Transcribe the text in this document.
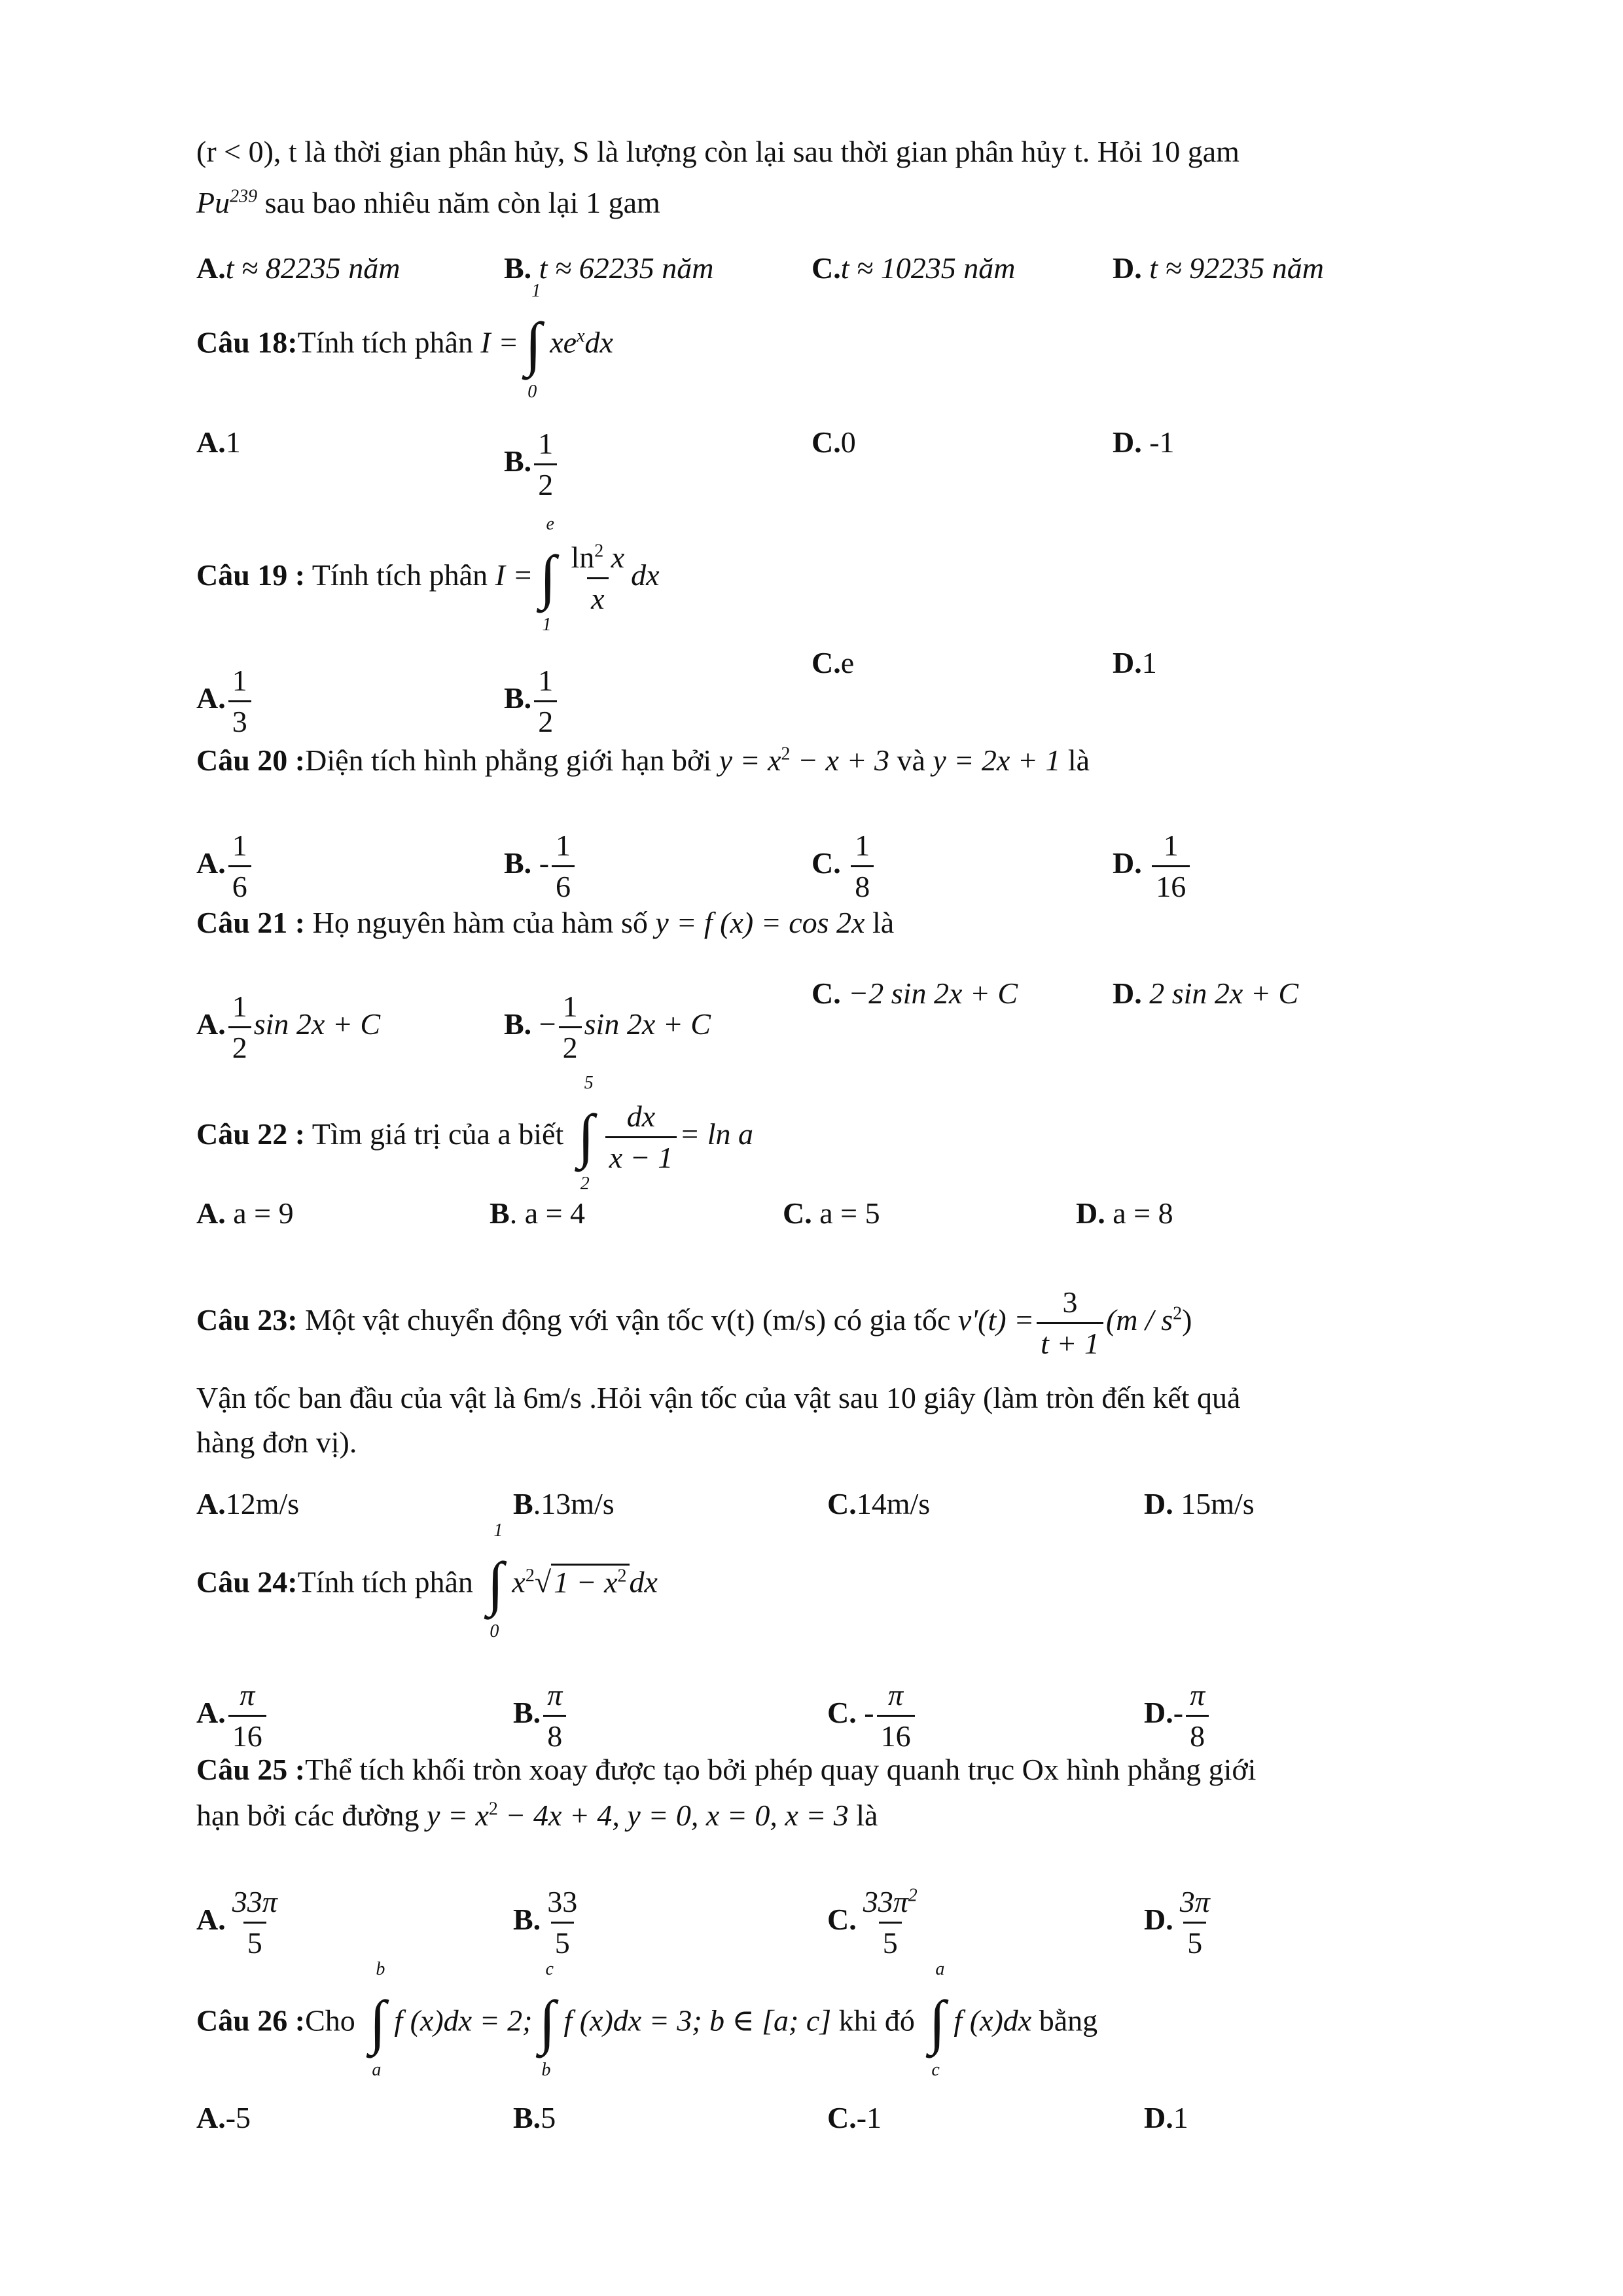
(r < 0), t là thời gian phân hủy, S là lượng còn lại sau thời gian phân hủy t. Hỏi 10 gam
Pu$^{239}$ sau bao nhiêu năm còn lại 1 gam
A.t ≈ 82235 năm	B. t ≈ 62235 năm	C.t ≈ 10235 năm	D. t ≈ 92235 năm
Câu 18:Tính tích phân I = ∫
1
0
$xe^xdx$
A.1
B. $\frac{1}{2}$	C.0	D. -1
Câu 19 : Tính tích phân I = ∫
e
1
$\frac{\ln^2 x}{x}$ dx
A. $\frac{1}{3}$	B. $\frac{1}{2}$	C.e	D.1
Câu 20 :Diện tích hình phẳng giới hạn bởi $y = x^2 - x + 3$ và y = 2x + 1 là
A. $\frac{1}{6}$	B. - $\frac{1}{6}$	C. $\frac{1}{8}$	D. $\frac{1}{16}$
Câu 21 : Họ nguyên hàm của hàm số y = f (x) = cos 2x là
A. $\frac{1}{2}$ sin 2x + C	B. − $\frac{1}{2}$ sin 2x + C
C. −2 sin 2x + C	D. 2 sin 2x + C
Câu 22 : Tìm giá trị của a biết ∫
5
2
$\frac{dx}{x - 1} = \ln a$
A. a = 9	B. a = 4	C. a = 5	D. a = 8
Câu 23: Một vật chuyển động với vận tốc v(t) (m/s) có gia tốc $v'(t) = \frac{3}{t + 1} (m / s^2)$
Vận tốc ban đầu của vật là 6m/s .Hỏi vận tốc của vật sau 10 giây (làm tròn đến kết quả
hàng đơn vị).
A.12m/s	B.13m/s	C.14m/s	D. 15m/s
Câu 24:Tính tích phân ∫
1
0
$x^2√1 - x^2dx$
A. $\frac{\pi}{16}$	B. $\frac{\pi}{8}$	C. - $\frac{\pi}{16}$	$D.- \frac{\pi}{8}$
Câu 25 :Thể tích khối tròn xoay được tạo bởi phép quay quanh trục Ox hình phẳng giới
hạn bởi các đường $y = x^2 - 4x + 4$, y = 0, x = 0, x = 3 là
A. $\frac{33\pi}{5}$	B. $\frac{33}{5}$	C. $\frac{33\pi^2}{5}$	D. $\frac{3\pi}{5}$
Câu 26 :Cho ∫
b
a
f (x)dx = 2; ∫
c
b
f (x)dx = 3; b ∈ [a; c] khi đó ∫
a
c
f (x)dx bằng
A.-5	B.5	C.-1	D.1
